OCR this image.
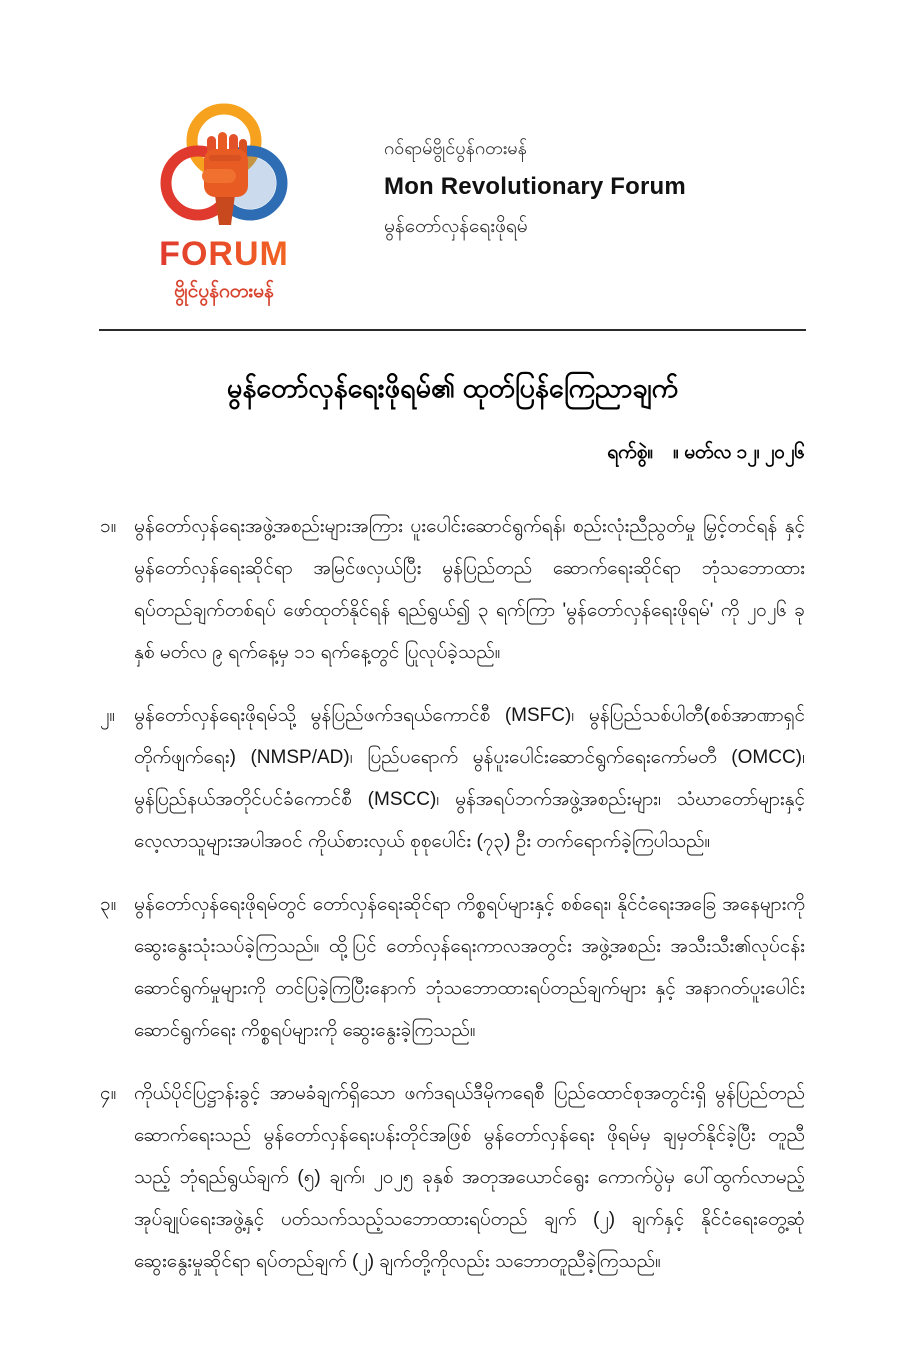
FORUM
ဗွိုင်ပွန်ဂတးမန်
ဂဝ်ရာမ်ဗွိုင်ပွန်ဂတးမန်
Mon Revolutionary Forum
မွန်တော်လှန်ရေးဖိုရမ်
မွန်တော်လှန်ရေးဖိုရမ်၏ ထုတ်ပြန်ကြေညာချက်
ရက်စွဲ။ ။ မတ်လ ၁၂၊ ၂၀၂၆
၁။ မွန်တော်လှန်ရေးအဖွဲ့အစည်းများအကြား ပူးပေါင်းဆောင်ရွက်ရန်၊ စည်းလုံးညီညွတ်မှု မြှင့်တင်ရန် နှင့် မွန်တော်လှန်ရေးဆိုင်ရာ အမြင်ဖလှယ်ပြီး မွန်ပြည်တည် ဆောက်ရေးဆိုင်ရာ ဘုံသဘောထား ရပ်တည်ချက်တစ်ရပ် ဖော်ထုတ်နိုင်ရန် ရည်ရွယ်၍ ၃ ရက်ကြာ 'မွန်တော်လှန်ရေးဖိုရမ်' ကို ၂၀၂၆ ခုနှစ် မတ်လ ၉ ရက်နေ့မှ ၁၁ ရက်နေ့တွင် ပြုလုပ်ခဲ့သည်။
၂။ မွန်တော်လှန်ရေးဖိုရမ်သို့ မွန်ပြည်ဖက်ဒရယ်ကောင်စီ (MSFC)၊ မွန်ပြည်သစ်ပါတီ(စစ်အာဏာရှင်တိုက်ဖျက်ရေး) (NMSP/AD)၊ ပြည်ပရောက် မွန်ပူးပေါင်းဆောင်ရွက်ရေးကော်မတီ (OMCC)၊ မွန်ပြည်နယ်အတိုင်ပင်ခံကောင်စီ (MSCC)၊ မွန်အရပ်ဘက်အဖွဲ့အစည်းများ၊ သံဃာတော်များနှင့် လေ့လာသူများအပါအဝင် ကိုယ်စားလှယ် စုစုပေါင်း (၇၃) ဦး တက်ရောက်ခဲ့ကြပါသည်။
၃။ မွန်တော်လှန်ရေးဖိုရမ်တွင် တော်လှန်ရေးဆိုင်ရာ ကိစ္စရပ်များနှင့် စစ်ရေး၊ နိုင်ငံရေးအခြေ အနေများကို ဆွေးနွေးသုံးသပ်ခဲ့ကြသည်။ ထို့ပြင် တော်လှန်ရေးကာလအတွင်း အဖွဲ့အစည်း အသီးသီး၏လုပ်ငန်းဆောင်ရွက်မှုများကို တင်ပြခဲ့ကြပြီးနောက် ဘုံသဘောထားရပ်တည်ချက်များ နှင့် အနာဂတ်ပူးပေါင်းဆောင်ရွက်ရေး ကိစ္စရပ်များကို ဆွေးနွေးခဲ့ကြသည်။
၄။ ကိုယ်ပိုင်ပြဋ္ဌာန်းခွင့် အာမခံချက်ရှိသော ဖက်ဒရယ်ဒီမိုကရေစီ ပြည်ထောင်စုအတွင်းရှိ မွန်ပြည်တည် ဆောက်ရေးသည် မွန်တော်လှန်ရေးပန်းတိုင်အဖြစ် မွန်တော်လှန်ရေး ဖိုရမ်မှ ချမှတ်နိုင်ခဲ့ပြီး တူညီ သည့် ဘုံရည်ရွယ်ချက် (၅) ချက်၊ ၂၀၂၅ ခုနှစ် အတုအယောင်ရွေး ကောက်ပွဲမှ ပေါ်ထွက်လာမည့် အုပ်ချုပ်ရေးအဖွဲ့နှင့် ပတ်သက်သည့်သဘောထားရပ်တည် ချက် (၂) ချက်နှင့် နိုင်ငံရေးတွေ့ဆုံ ဆွေးနွေးမှုဆိုင်ရာ ရပ်တည်ချက် (၂) ချက်တို့ကိုလည်း သဘောတူညီခဲ့ကြသည်။
